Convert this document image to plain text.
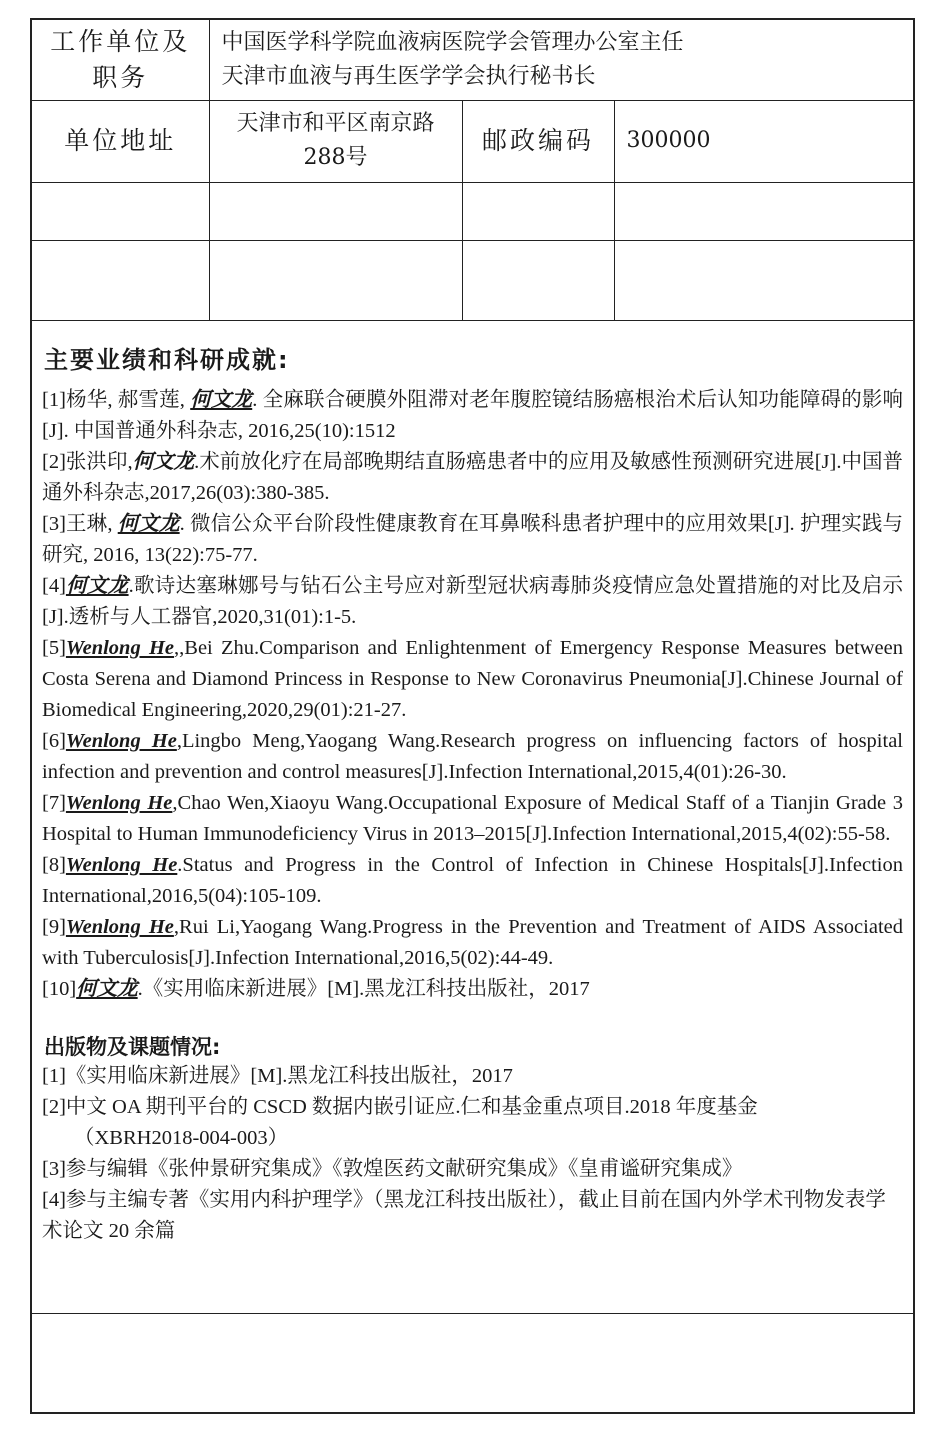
工作单位及职务	中国医学科学院血液病医院学会管理办公室主任
天津市血液与再生医学学会执行秘书长		

单位地址	天津市和平区南京路288号	邮政编码	300000

主要业绩和科研成就:
[1]杨华, 郝雪莲, 何文龙. 全麻联合硬膜外阻滞对老年腹腔镜结肠癌根治术后认知功能障碍的影响[J]. 中国普通外科杂志, 2016,25(10):1512
[2]张洪印,何文龙.术前放化疗在局部晚期结直肠癌患者中的应用及敏感性预测研究进展[J].中国普通外科杂志,2017,26(03):380-385.
[3]王琳, 何文龙. 微信公众平台阶段性健康教育在耳鼻喉科患者护理中的应用效果[J]. 护理实践与研究, 2016, 13(22):75-77.
[4]何文龙.歌诗达塞琳娜号与钻石公主号应对新型冠状病毒肺炎疫情应急处置措施的对比及启示[J].透析与人工器官,2020,31(01):1-5.
[5]Wenlong He,,Bei Zhu.Comparison and Enlightenment of Emergency Response Measures between Costa Serena and Diamond Princess in Response to New Coronavirus Pneumonia[J].Chinese Journal of Biomedical Engineering,2020,29(01):21-27.
[6]Wenlong He,Lingbo Meng,Yaogang Wang.Research progress on influencing factors of hospital infection and prevention and control measures[J].Infection International,2015,4(01):26-30.
[7]Wenlong He,Chao Wen,Xiaoyu Wang.Occupational Exposure of Medical Staff of a Tianjin Grade 3 Hospital to Human Immunodeficiency Virus in 2013–2015[J].Infection International,2015,4(02):55-58.
[8]Wenlong He.Status and Progress in the Control of Infection in Chinese Hospitals[J].Infection International,2016,5(04):105-109.
[9]Wenlong He,Rui Li,Yaogang Wang.Progress in the Prevention and Treatment of AIDS Associated with Tuberculosis[J].Infection International,2016,5(02):44-49.
[10]何文龙.《实用临床新进展》[M].黑龙江科技出版社，2017
出版物及课题情况:
[1]《实用临床新进展》[M].黑龙江科技出版社，2017
[2]中文 OA 期刊平台的 CSCD 数据内嵌引证应.仁和基金重点项目.2018 年度基金
（XBRH2018-004-003）
[3]参与编辑《张仲景研究集成》《敦煌医药文献研究集成》《皇甫谧研究集成》
[4]参与主编专著《实用内科护理学》（黑龙江科技出版社），截止目前在国内外学术刊物发表学术论文 20 余篇
